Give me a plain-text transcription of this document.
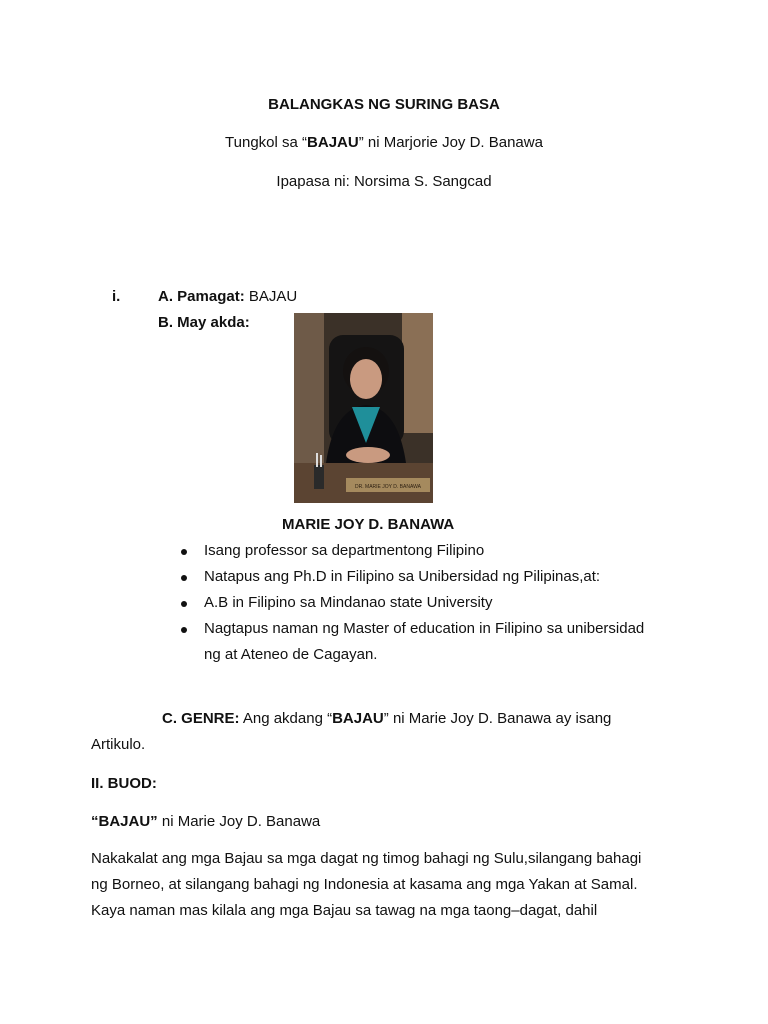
BALANGKAS NG SURING BASA
Tungkol sa “BAJAU” ni Marjorie Joy D. Banawa
Ipapasa ni: Norsima S. Sangcad
i.	A. Pamagat: BAJAU
B. May akda:
DR. MARIE JOY D. BANAWA
MARIE JOY D. BANAWA
Isang professor sa departmentong Filipino
Natapus ang Ph.D in Filipino sa Unibersidad ng Pilipinas,at:
A.B in Filipino sa Mindanao state University
Nagtapus naman ng Master of education in Filipino sa unibersidad
ng at Ateneo de Cagayan.
C. GENRE: Ang akdang “BAJAU” ni Marie Joy D. Banawa ay isang
Artikulo.
II. BUOD:
“BAJAU” ni Marie Joy D. Banawa
Nakakalat ang mga Bajau sa mga dagat ng timog bahagi ng Sulu,silangang bahagi
ng Borneo, at silangang bahagi ng Indonesia at kasama ang mga Yakan at Samal.
Kaya naman mas kilala ang mga Bajau sa tawag na mga taong–dagat, dahil
